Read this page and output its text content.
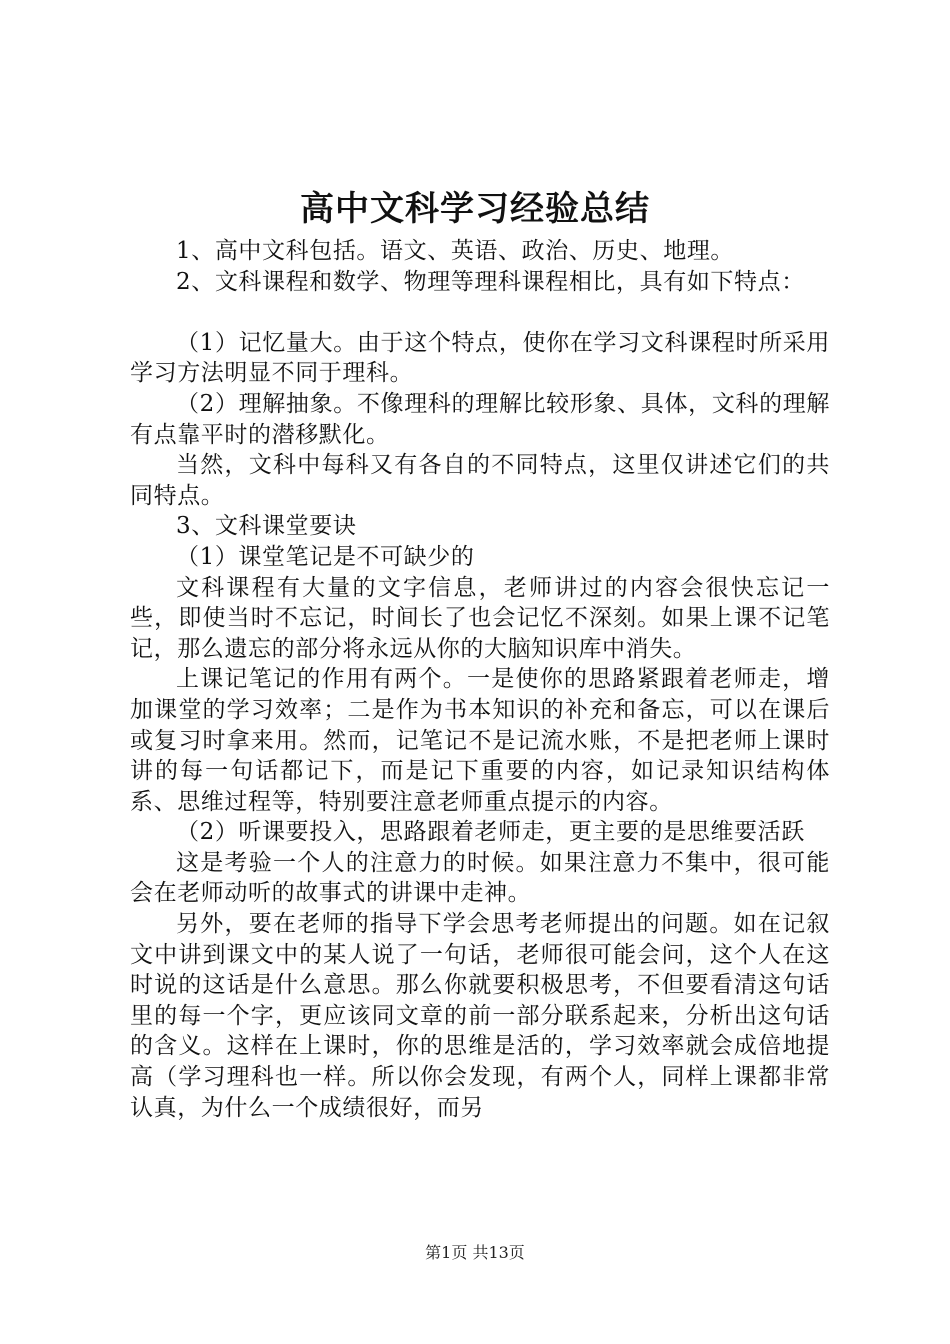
高中文科学习经验总结

1、高中文科包括。语文、英语、政治、历史、地理。

2、文科课程和数学、物理等理科课程相比，具有如下特点：

（1）记忆量大。由于这个特点，使你在学习文科课程时所采用学习方法明显不同于理科。

（2）理解抽象。不像理科的理解比较形象、具体，文科的理解有点靠平时的潜移默化。

当然，文科中每科又有各自的不同特点，这里仅讲述它们的共同特点。

3、文科课堂要诀

（1）课堂笔记是不可缺少的

文科课程有大量的文字信息，老师讲过的内容会很快忘记一些，即使当时不忘记，时间长了也会记忆不深刻。如果上课不记笔记，那么遗忘的部分将永远从你的大脑知识库中消失。

上课记笔记的作用有两个。一是使你的思路紧跟着老师走，增加课堂的学习效率；二是作为书本知识的补充和备忘，可以在课后或复习时拿来用。然而，记笔记不是记流水账，不是把老师上课时讲的每一句话都记下，而是记下重要的内容，如记录知识结构体系、思维过程等，特别要注意老师重点提示的内容。

（2）听课要投入，思路跟着老师走，更主要的是思维要活跃

这是考验一个人的注意力的时候。如果注意力不集中，很可能会在老师动听的故事式的讲课中走神。

另外，要在老师的指导下学会思考老师提出的问题。如在记叙文中讲到课文中的某人说了一句话，老师很可能会问，这个人在这时说的这话是什么意思。那么你就要积极思考，不但要看清这句话里的每一个字，更应该同文章的前一部分联系起来，分析出这句话的含义。这样在上课时，你的思维是活的，学习效率就会成倍地提高（学习理科也一样。所以你会发现，有两个人，同样上课都非常认真，为什么一个成绩很好，而另

第1页 共13页
